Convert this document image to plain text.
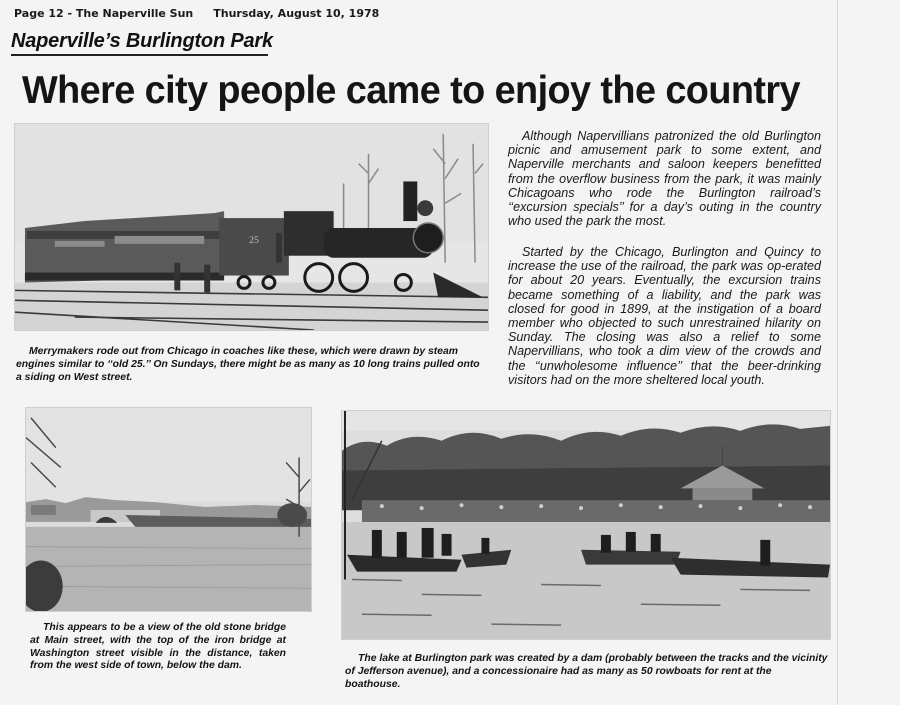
Page 12 - The Naperville Sun Thursday, August 10, 1978
Naperville’s Burlington Park
Where city people came to enjoy the country
25

Although Napervillians patronized the old Burlington picnic and amusement park to some extent, and Naperville merchants and saloon keepers benefitted from the overflow business from the park, it was mainly Chicagoans who rode the Burlington railroad’s ‘‘excursion specials’’ for a day’s outing in the country who used the park the most.

Started by the Chicago, Burlington and Quincy to increase the use of the railroad, the park was op-erated for about 20 years. Eventually, the excursion trains became something of a liability, and the park was closed for good in 1899, at the instigation of a board member who objected to such unrestrained hilarity on Sunday. The closing was also a relief to some Napervillians, who took a dim view of the crowds and the ‘‘unwholesome influence’’ that the beer-drinking visitors had on the more sheltered local youth.

Merrymakers rode out from Chicago in coaches like these, which were drawn by steam engines similar to ‘‘old 25.’’ On Sundays, there might be as many as 10 long trains pulled onto a siding on West street.

This appears to be a view of the old stone bridge at Main street, with the top of the iron bridge at Washington street visible in the distance, taken from the west side of town, below the dam.

The lake at Burlington park was created by a dam (probably between the tracks and the vicinity of Jefferson avenue), and a concessionaire had as many as 50 rowboats for rent at the boathouse.
